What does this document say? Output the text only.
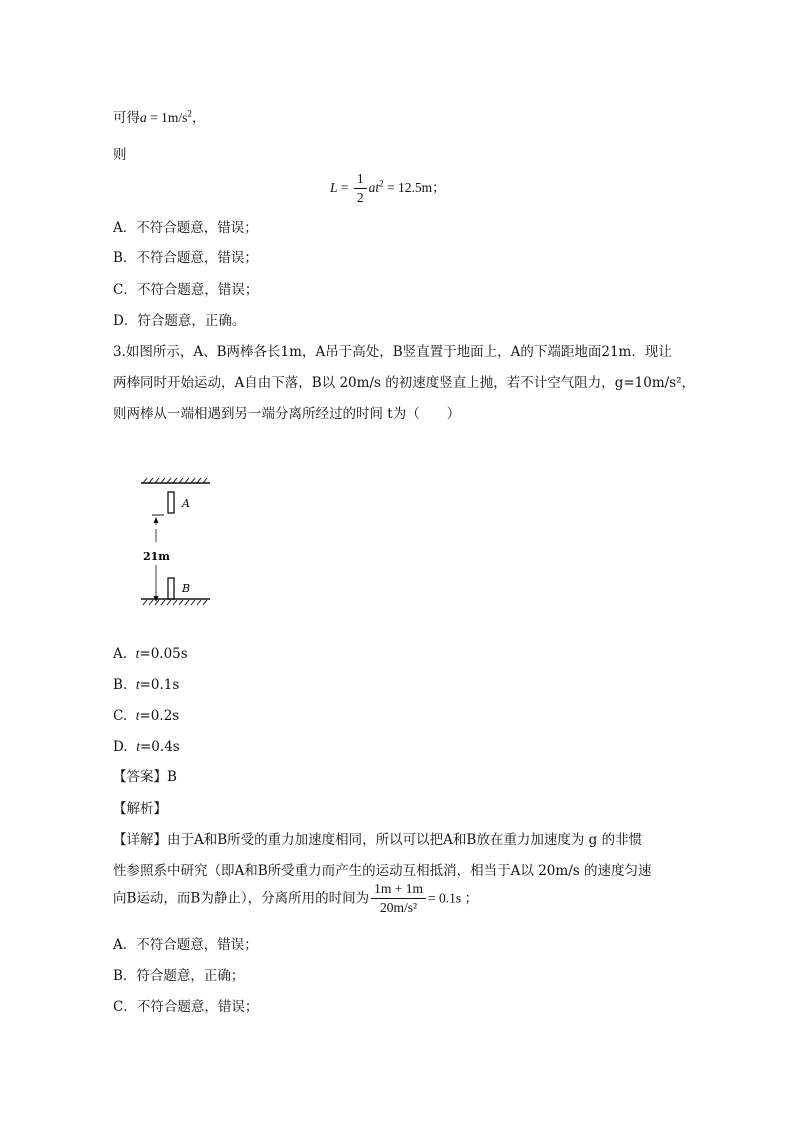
可得$a = 1m/s^2$，
则
$L = \frac{1}{2} at^2 = 12.5m$；
A．不符合题意，错误；
B．不符合题意，错误；
C．不符合题意，错误；
D．符合题意，正确。
3.如图所示，A、B两棒各长1m，A吊于高处，B竖直置于地面上，A的下端距地面21m．现让
两棒同时开始运动，A自由下落，B以 20m/s 的初速度竖直上抛，若不计空气阻力，g=10m/s²，
则两棒从一端相遇到另一端分离所经过的时间 t为（　　）
A
21m
B
A. t=0.05s
B. t=0.1s
C. t=0.2s
D. t=0.4s
【答案】B
【解析】
【详解】由于A和B所受的重力加速度相同，所以可以把A和B放在重力加速度为 g 的非惯
性参照系中研究（即A和B所受重力而产生的运动互相抵消，相当于A以 20m/s 的速度匀速
向B运动，而B为静止），分离所用的时间为 $\frac{1m + 1m}{\text{20m/s²}} = 0.1s$ ；
A．不符合题意，错误；
B．符合题意，正确；
C．不符合题意，错误；
